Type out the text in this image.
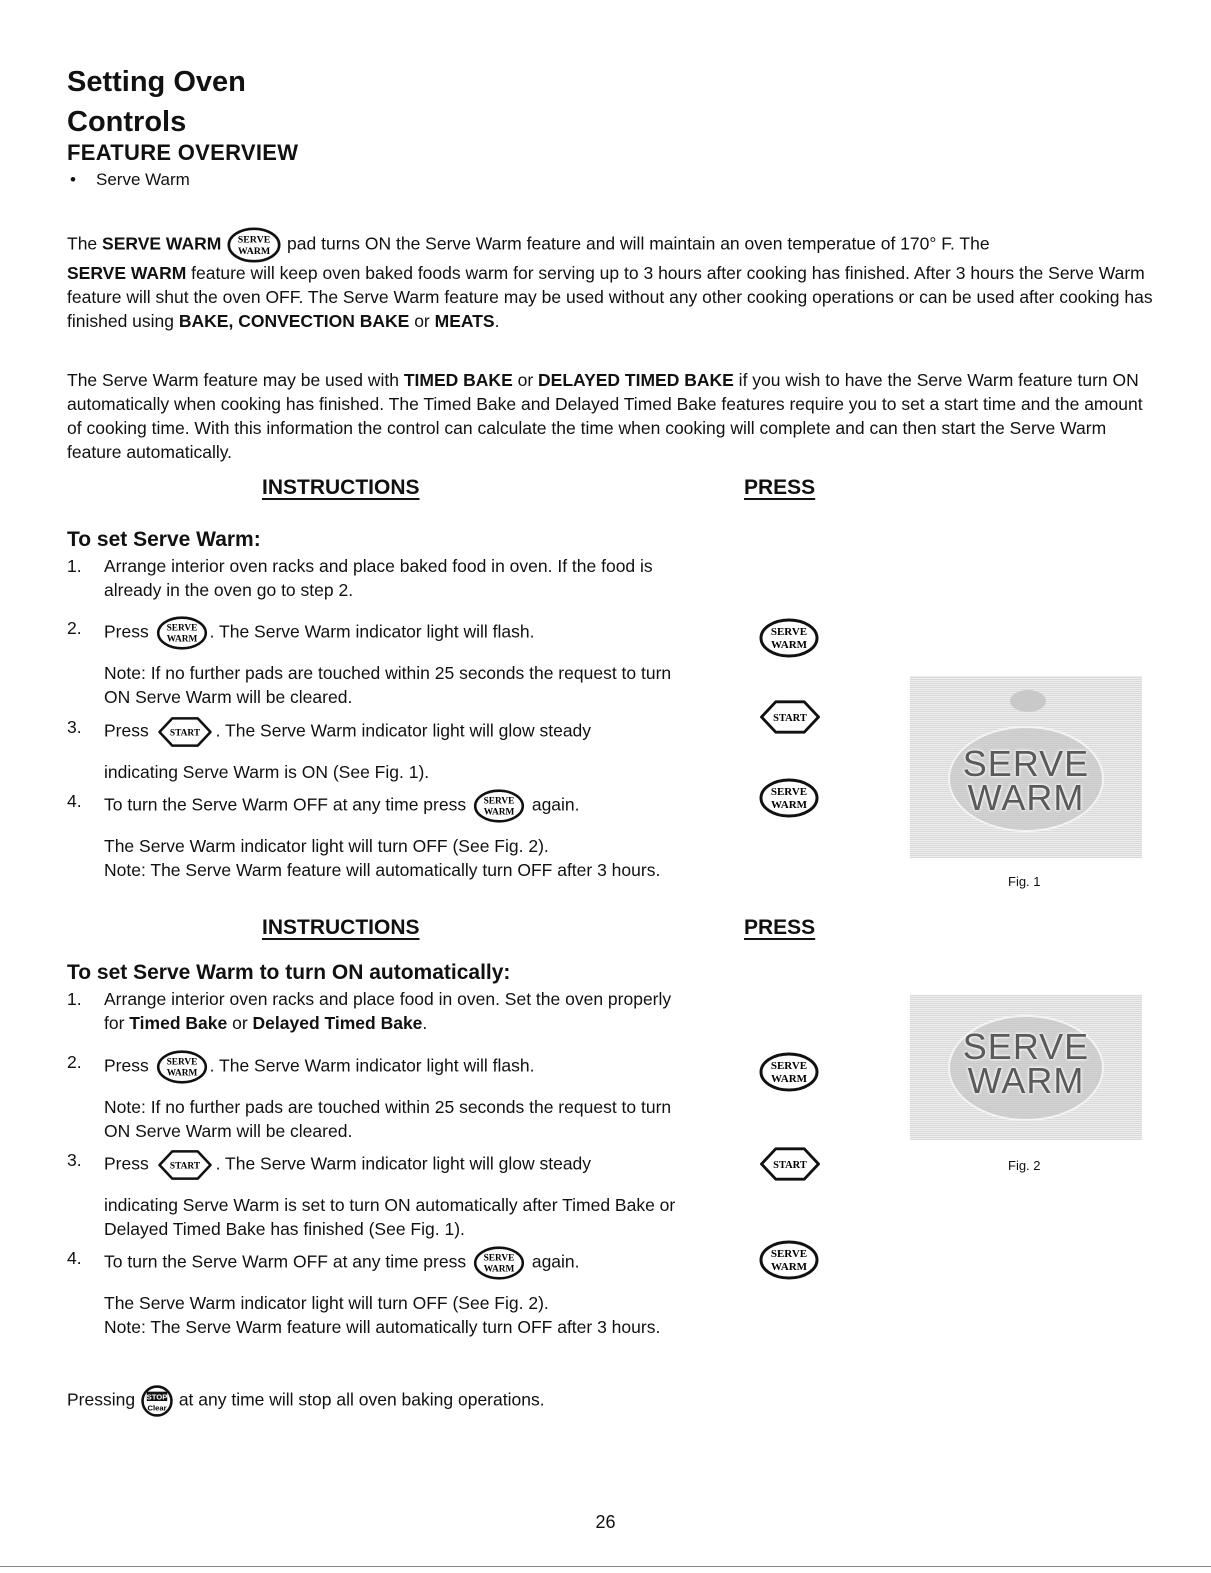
Setting Oven
Controls
FEATURE OVERVIEW
• Serve Warm

The SERVE WARM	pad turns ON the Serve Warm feature and will maintain an oven temperatue of 170° F. The

SERVE WARM feature will keep oven baked foods warm for serving up to 3 hours after cooking has finished. After 3 hours the Serve Warm feature will shut the oven OFF. The Serve Warm feature may be used without any other cooking operations or can be used after cooking has finished using BAKE, CONVECTION BAKE or MEATS.

The Serve Warm feature may be used with TIMED BAKE or DELAYED TIMED BAKE if you wish to have the Serve Warm feature turn ON automatically when cooking has finished. The Timed Bake and Delayed Timed Bake features require you to set a start time and the amount of cooking time. With this information the control can calculate the time when cooking will complete and can then start the Serve Warm feature automatically.

INSTRUCTIONS	PRESS
To set Serve Warm:
1.	Arrange interior oven racks and place baked food in oven. If the food is already in the oven go to step 2.
2.	Press	. The Serve Warm indicator light will flash.
Note: If no further pads are touched within 25 seconds the request to turn ON Serve Warm will be cleared.
3.	Press	. The Serve Warm indicator light will glow steady
indicating Serve Warm is ON (See Fig. 1).
4.	To turn the Serve Warm OFF at any time press	again.
The Serve Warm indicator light will turn OFF (See Fig. 2).
Note: The Serve Warm feature will automatically turn OFF after 3 hours.
SERVE
WARM
Fig. 1
INSTRUCTIONS	PRESS
To set Serve Warm to turn ON automatically:
1.	Arrange interior oven racks and place food in oven. Set the oven properly for Timed Bake or Delayed Timed Bake.
2.	Press	. The Serve Warm indicator light will flash.
Note: If no further pads are touched within 25 seconds the request to turn ON Serve Warm will be cleared.
3.	Press	. The Serve Warm indicator light will glow steady
indicating Serve Warm is set to turn ON automatically after Timed Bake or Delayed Timed Bake has finished (See Fig. 1).
4.	To turn the Serve Warm OFF at any time press	again.
The Serve Warm indicator light will turn OFF (See Fig. 2).
Note: The Serve Warm feature will automatically turn OFF after 3 hours.
SERVE
WARM
Fig. 2
Pressing  at any time will stop all oven baking operations.
26
